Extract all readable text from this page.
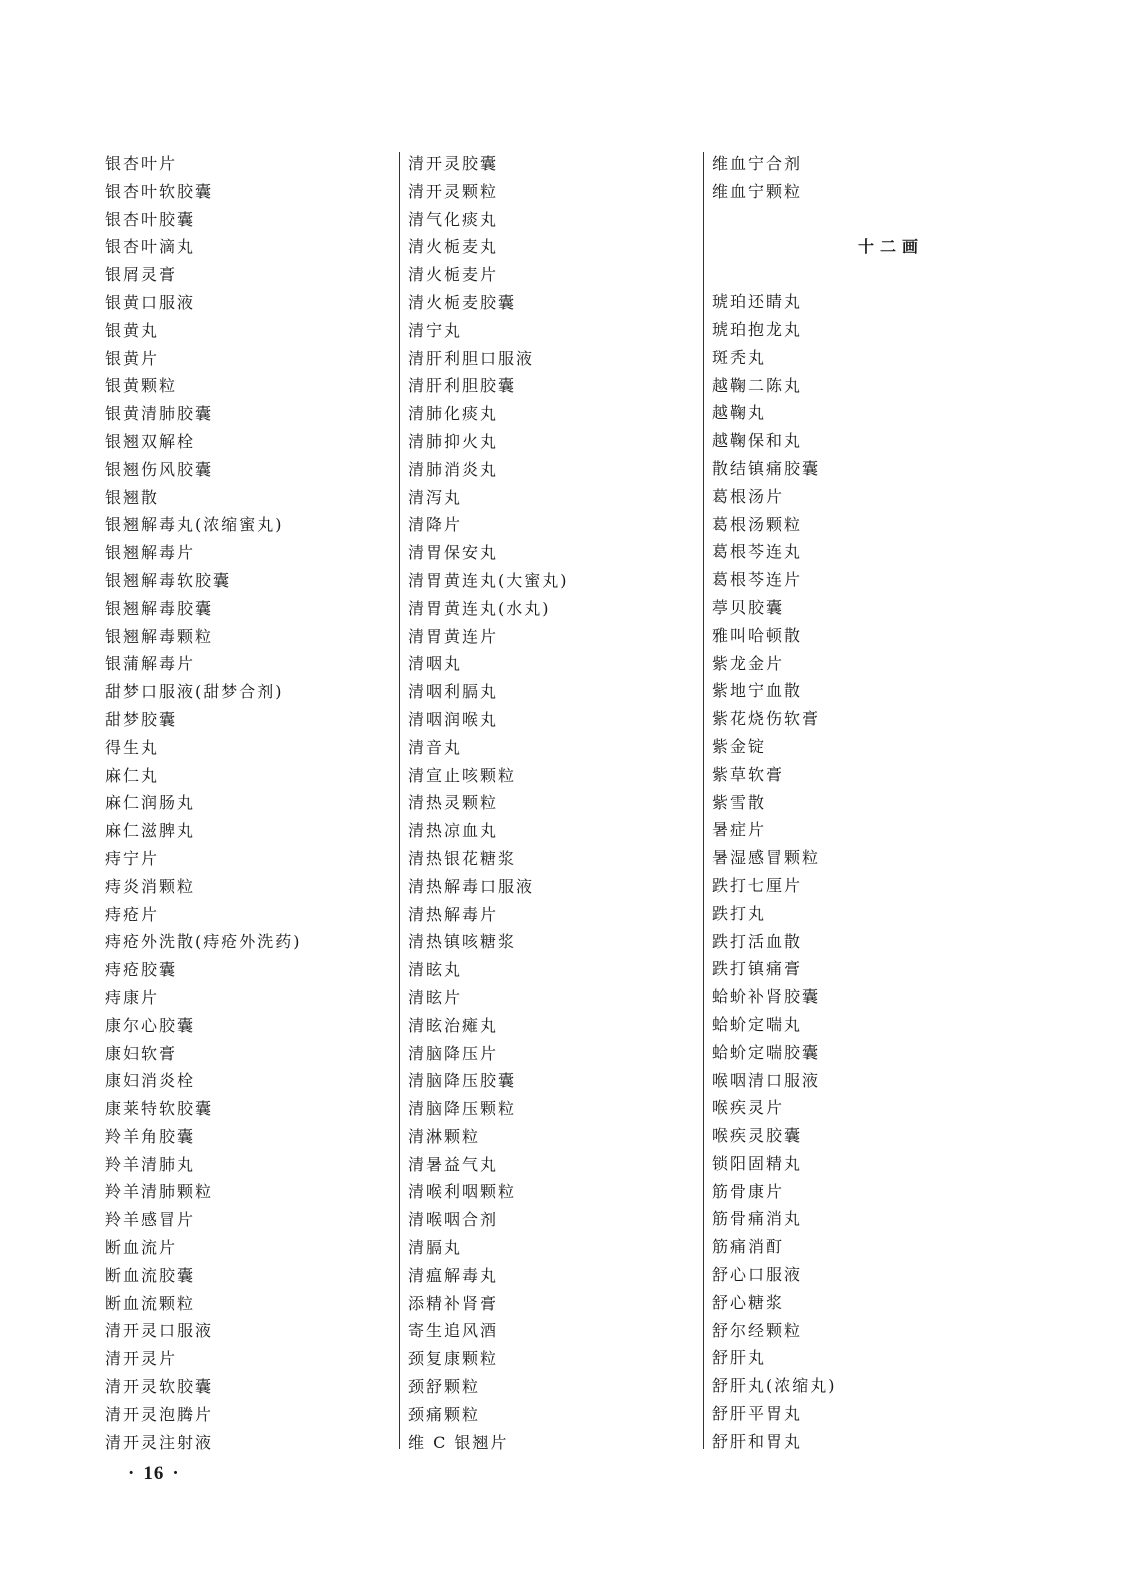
银杏叶片
银杏叶软胶囊
银杏叶胶囊
银杏叶滴丸
银屑灵膏
银黄口服液
银黄丸
银黄片
银黄颗粒
银黄清肺胶囊
银翘双解栓
银翘伤风胶囊
银翘散
银翘解毒丸(浓缩蜜丸)
银翘解毒片
银翘解毒软胶囊
银翘解毒胶囊
银翘解毒颗粒
银蒲解毒片
甜梦口服液(甜梦合剂)
甜梦胶囊
得生丸
麻仁丸
麻仁润肠丸
麻仁滋脾丸
痔宁片
痔炎消颗粒
痔疮片
痔疮外洗散(痔疮外洗药)
痔疮胶囊
痔康片
康尔心胶囊
康妇软膏
康妇消炎栓
康莱特软胶囊
羚羊角胶囊
羚羊清肺丸
羚羊清肺颗粒
羚羊感冒片
断血流片
断血流胶囊
断血流颗粒
清开灵口服液
清开灵片
清开灵软胶囊
清开灵泡腾片
清开灵注射液
清开灵胶囊
清开灵颗粒
清气化痰丸
清火栀麦丸
清火栀麦片
清火栀麦胶囊
清宁丸
清肝利胆口服液
清肝利胆胶囊
清肺化痰丸
清肺抑火丸
清肺消炎丸
清泻丸
清降片
清胃保安丸
清胃黄连丸(大蜜丸)
清胃黄连丸(水丸)
清胃黄连片
清咽丸
清咽利膈丸
清咽润喉丸
清音丸
清宣止咳颗粒
清热灵颗粒
清热凉血丸
清热银花糖浆
清热解毒口服液
清热解毒片
清热镇咳糖浆
清眩丸
清眩片
清眩治瘫丸
清脑降压片
清脑降压胶囊
清脑降压颗粒
清淋颗粒
清暑益气丸
清喉利咽颗粒
清喉咽合剂
清膈丸
清瘟解毒丸
添精补肾膏
寄生追风酒
颈复康颗粒
颈舒颗粒
颈痛颗粒
维 C 银翘片
维血宁合剂
维血宁颗粒
十二画
琥珀还睛丸
琥珀抱龙丸
斑秃丸
越鞠二陈丸
越鞠丸
越鞠保和丸
散结镇痛胶囊
葛根汤片
葛根汤颗粒
葛根芩连丸
葛根芩连片
葶贝胶囊
雅叫哈顿散
紫龙金片
紫地宁血散
紫花烧伤软膏
紫金锭
紫草软膏
紫雪散
暑症片
暑湿感冒颗粒
跌打七厘片
跌打丸
跌打活血散
跌打镇痛膏
蛤蚧补肾胶囊
蛤蚧定喘丸
蛤蚧定喘胶囊
喉咽清口服液
喉疾灵片
喉疾灵胶囊
锁阳固精丸
筋骨康片
筋骨痛消丸
筋痛消酊
舒心口服液
舒心糖浆
舒尔经颗粒
舒肝丸
舒肝丸(浓缩丸)
舒肝平胃丸
舒肝和胃丸
· 16 ·
